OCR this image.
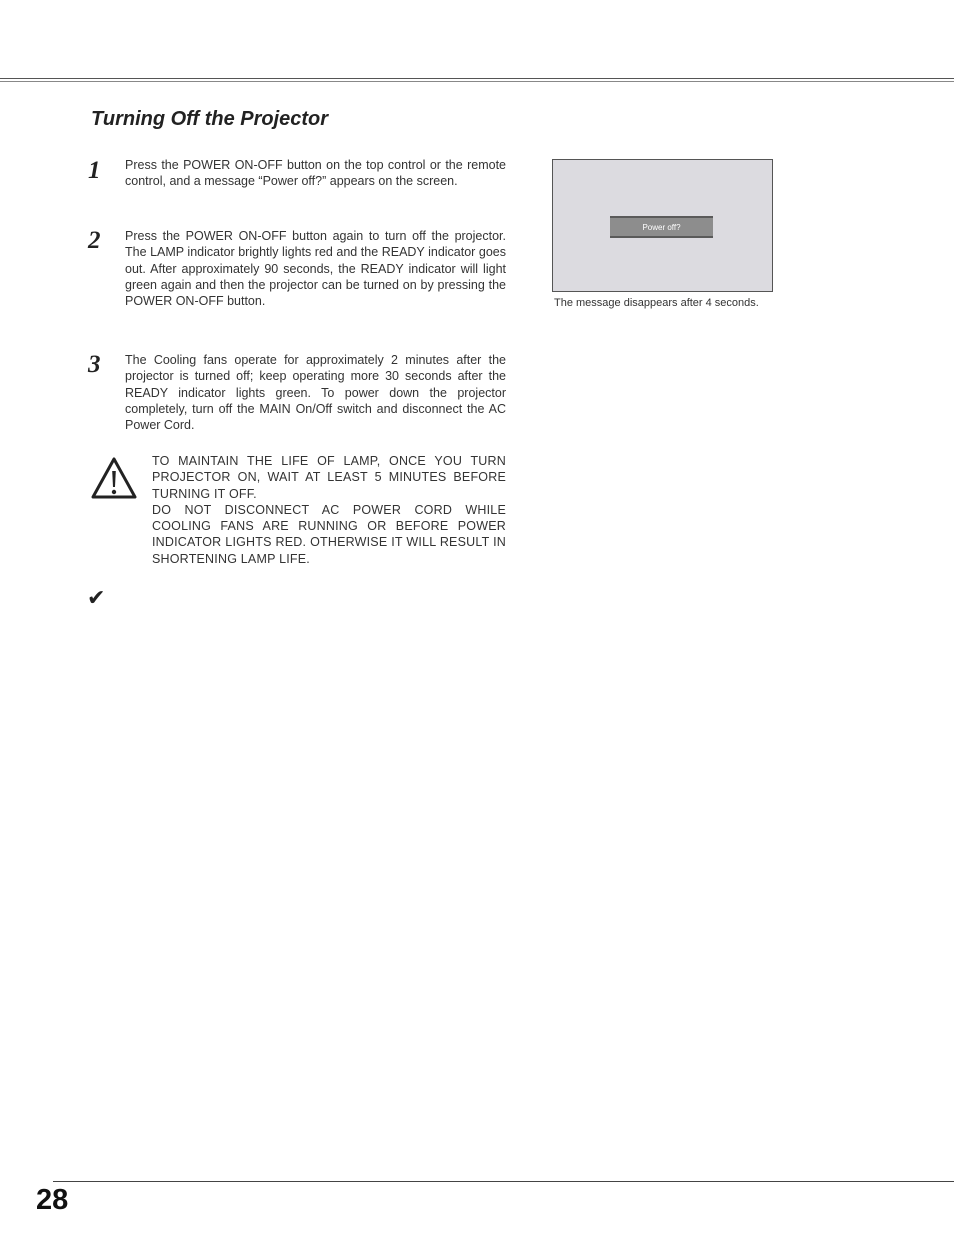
Turning Off the Projector
1 Press the POWER ON-OFF button on the top control or the remote control, and a message “Power off?” appears on the screen.

2 Press the POWER ON-OFF button again to turn off the projector. The LAMP indicator brightly lights red and the READY indicator goes out. After approximately 90 seconds, the READY indicator will light green again and then the projector can be turned on by pressing the POWER ON-OFF button.

3 The Cooling fans operate for approximately 2 minutes after the projector is turned off; keep operating more 30 seconds after the READY indicator lights green. To power down the projector completely, turn off the MAIN On/Off switch and disconnect the AC Power Cord.

TO MAINTAIN THE LIFE OF LAMP, ONCE YOU TURN PROJECTOR ON, WAIT AT LEAST 5 MINUTES BEFORE TURNING IT OFF.
DO NOT DISCONNECT AC POWER CORD WHILE COOLING FANS ARE RUNNING OR BEFORE POWER INDICATOR LIGHTS RED. OTHERWISE IT WILL RESULT IN SHORTENING LAMP LIFE.
✔
Power off?

The message disappears after 4 seconds.

28
